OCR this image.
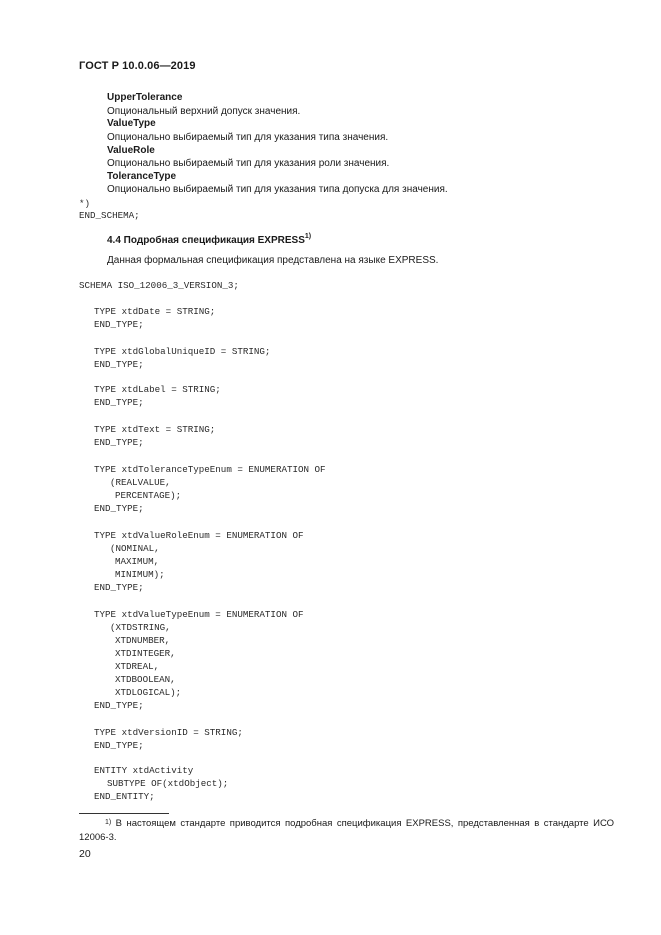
ГОСТ Р 10.0.06—2019
UpperTolerance
Опциональный верхний допуск значения.
ValueType
Опционально выбираемый тип для указания типа значения.
ValueRole
Опционально выбираемый тип для указания роли значения.
ToleranceType
Опционально выбираемый тип для указания типа допуска для значения.
*)
END_SCHEMA;
4.4 Подробная спецификация EXPRESS$^{1)}$
Данная формальная спецификация представлена на языке EXPRESS.
SCHEMA ISO_12006_3_VERSION_3;
TYPE xtdDate = STRING;
END_TYPE;
TYPE xtdGlobalUniqueID = STRING;
END_TYPE;
TYPE xtdLabel = STRING;
END_TYPE;
TYPE xtdText = STRING;
END_TYPE;
TYPE xtdToleranceTypeEnum = ENUMERATION OF
(REALVALUE,
PERCENTAGE);
END_TYPE;
TYPE xtdValueRoleEnum = ENUMERATION OF
(NOMINAL,
MAXIMUM,
MINIMUM);
END_TYPE;
TYPE xtdValueTypeEnum = ENUMERATION OF
(XTDSTRING,
XTDNUMBER,
XTDINTEGER,
XTDREAL,
XTDBOOLEAN,
XTDLOGICAL);
END_TYPE;
TYPE xtdVersionID = STRING;
END_TYPE;
ENTITY xtdActivity
SUBTYPE OF(xtdObject);
END_ENTITY;
$^{1)}$ В настоящем стандарте приводится подробная спецификация EXPRESS, представленная в стандарте ИСО 12006-3.
20
